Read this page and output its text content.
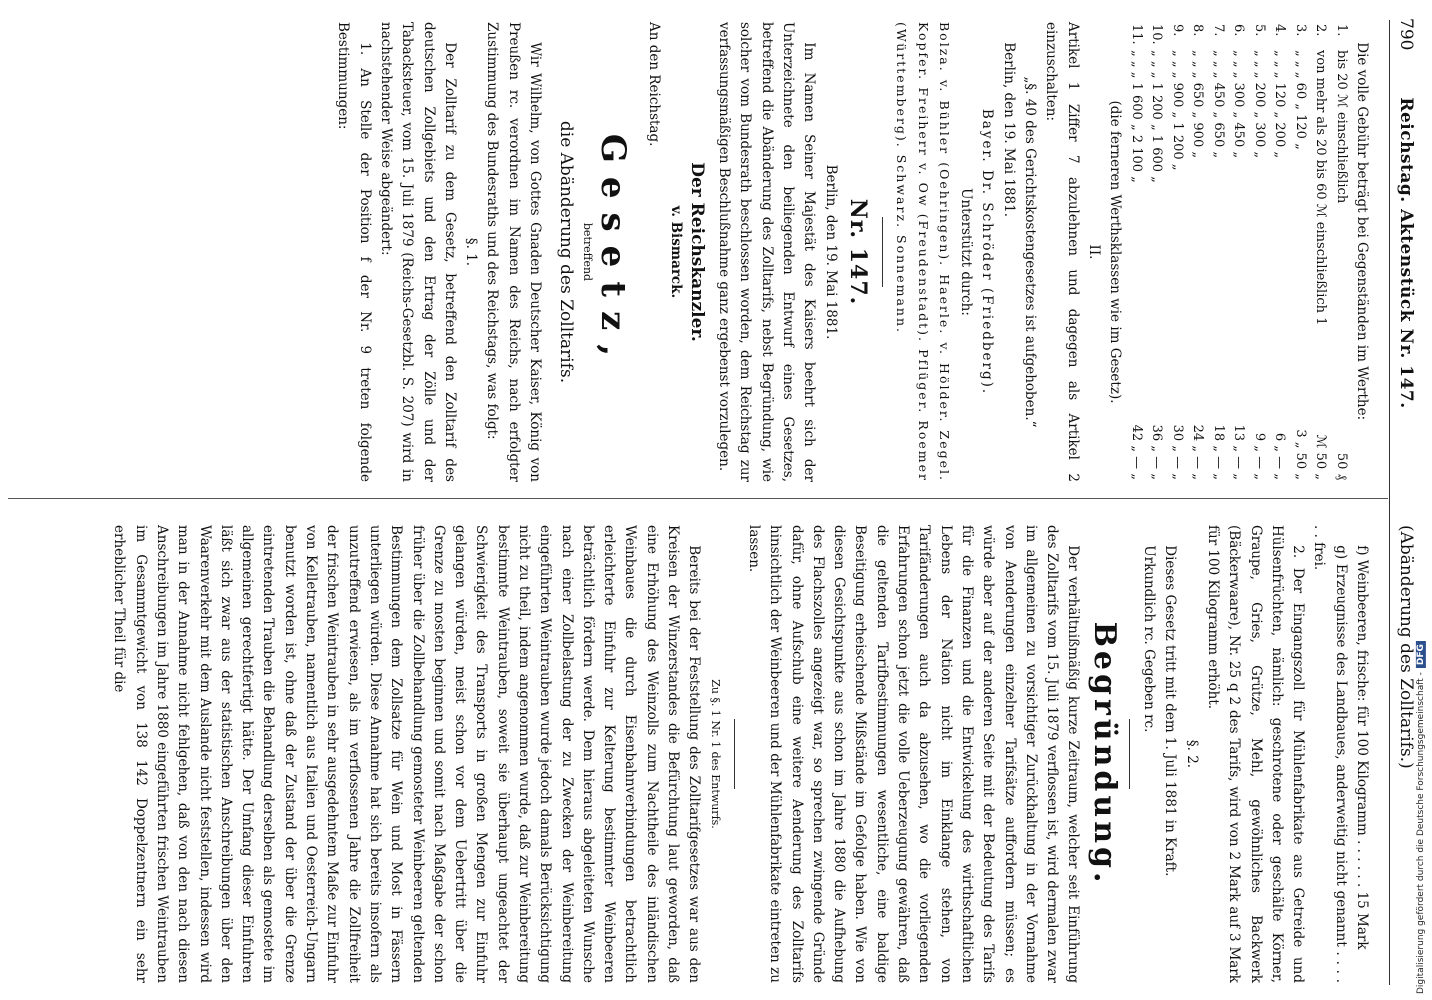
790
Reichstag. Aktenstück Nr. 147.
(Abänderung des Zolltarifs.)

Die volle Gebühr beträgt bei Gegenständen im Werthe:

1.	bis 20 ℳ einschließlich	50 ₰
2.	von mehr als 20 bis 60 ℳ einschließlich 1	ℳ 50 „
3.	„ „ „ 60 „ 120 „	3 „ 50 „
4.	„ „ „ 120 „ 200 „	6 „ — „
5.	„ „ „ 200 „ 300 „	9 „ — „
6.	„ „ „ 300 „ 450 „	13 „ — „
7.	„ „ „ 450 „ 650 „	18 „ — „
8.	„ „ „ 650 „ 900 „	24 „ — „
9.	„ „ „ 900 „ 1 200 „	30 „ — „
10.	„ „ „ 1 200 „ 1 600 „	36 „ — „
11.	„ „ „ 1 600 „ 2 100 „	42 „ — „

(die ferneren Werthsklassen wie im Gesetz).

II.

Artikel 1 Ziffer 7 abzulehnen und dagegen als Artikel 2 einzuschalten:

„§. 40 des Gerichtskostengesetzes ist aufgehoben.“

Berlin, den 19. Mai 1881.

Bayer. Dr. Schröder (Friedberg).

Unterstützt durch:

Bolza. v. Bühler (Oehringen). Haerle. v. Hölder. Zegel. Kopfer. Freiherr v. Ow (Freudenstadt). Pflüger. Roemer (Württemberg). Schwarz. Sonnemann.

Nr. 147.

Berlin, den 19. Mai 1881.

Im Namen Seiner Majestät des Kaisers beehrt sich der Unterzeichnete den beiliegenden Entwurf eines Gesetzes, betreffend die Abänderung des Zolltarifs, nebst Begründung, wie solcher vom Bundesrath beschlossen worden, dem Reichstag zur verfassungsmäßigen Beschlußnahme ganz ergebenst vorzulegen.

Der Reichskanzler.

v. Bismarck.

An den Reichstag.

Gesetz,

betreffend

die Abänderung des Zolltarifs.

Wir Wilhelm, von Gottes Gnaden Deutscher Kaiser, König von Preußen rc. verordnen im Namen des Reichs, nach erfolgter Zustimmung des Bundesraths und des Reichstags, was folgt:

§. 1.

Der Zolltarif zu dem Gesetz, betreffend den Zolltarif des deutschen Zollgebiets und den Ertrag der Zölle und der Tabacksteuer, vom 15. Juli 1879 (Reichs-Gesetzbl. S. 207) wird in nachstehender Weise abgeändert:

1. An Stelle der Position f der Nr. 9 treten folgende Bestimmungen:

f) Weinbeeren, frische: für 100 Kilogramm . . . . . . 15 Mark

g) Erzeugnisse des Landbaues, anderweitig nicht genannt . . . . . . frei.

2. Der Eingangszoll für Mühlenfabrikate aus Getreide und Hülsenfrüchten, nämlich: geschrotene oder geschälte Körner, Graupe, Gries, Grütze, Mehl, gewöhnliches Backwerk (Bäckerwaare), Nr. 25 q 2 des Tarifs, wird von 2 Mark auf 3 Mark für 100 Kilogramm erhöht.

§. 2.

Dieses Gesetz tritt mit dem 1. Juli 1881 in Kraft.

Urkundlich rc. Gegeben rc.

Begründung.

Der verhältnißmäßig kurze Zeitraum, welcher seit Einführung des Zolltarifs vom 15. Juli 1879 verflossen ist, wird dermalen zwar im allgemeinen zu vorsichtiger Zurückhaltung in der Vornahme von Aenderungen einzelner Tarifsätze auffordern müssen; es würde aber auf der anderen Seite mit der Bedeutung des Tarifs für die Finanzen und die Entwickelung des wirthschaftlichen Lebens der Nation nicht im Einklange stehen, von Tarifänderungen auch da abzusehen, wo die vorliegenden Erfahrungen schon jetzt die volle Ueberzeugung gewähren, daß die geltenden Tarifbestimmungen wesentliche, eine baldige Beseitigung erheischende Mißstände im Gefolge haben. Wie von diesen Gesichtspunkte aus schon im Jahre 1880 die Aufhebung des Flachszolles angezeigt war, so sprechen zwingende Gründe dafür, ohne Aufschub eine weitere Aenderung des Zolltarifs hinsichtlich der Weinbeeren und der Mühlenfabrikate eintreten zu lassen.

Zu §. 1 Nr. 1 des Entwurfs.

Bereits bei der Feststellung des Zolltarifgesetzes war aus den Kreisen der Winzerstandes die Befürchtung laut geworden, daß eine Erhöhung des Weinzolls zum Nachtheile des inländischen Weinbaues die durch Eisenbahnverbindungen betrachtlich erleichterte Einfuhr zur Kelterung bestimmter Weinbeeren beträchtlich fördern werde. Dem hieraus abgeleiteten Wunsche nach einer Zollbelastung der zu Zwecken der Weinbereitung eingeführten Weintrauben wurde jedoch damals Berücksichtigung nicht zu theil, indem angenommen wurde, daß zur Weinbereitung bestimmte Weintrauben, soweit sie überhaupt ungeachtet der Schwierigkeit des Transports in großen Mengen zur Einfuhr gelangen würden, meist schon vor dem Uebertritt über die Grenze zu mosten beginnen und somit nach Maßgabe der schon früher über die Zollbehandlung gemosteter Weinbeeren geltenden Bestimmungen dem Zollsatze für Wein und Most in Fässern unterliegen würden. Diese Annahme hat sich bereits insofern als unzutreffend erwiesen, als im verflossenen Jahre die Zollfreiheit der frischen Weintrauben in sehr ausgedehntem Maße zur Einfuhr von Kelletrauben, namentlich aus Italien und Oesterreich-Ungarn benutzt worden ist, ohne daß der Zustand der über die Grenze eintretenden Trauben die Behandlung derselben als gemostete im allgemeinen gerechtfertigt hätte. Der Umfang dieser Einfuhren läßt sich zwar aus der statistischen Anschreibungen über den Waarenverkehr mit dem Auslande nicht feststellen, indessen wird man in der Annahme nicht fehlgehen, daß von den nach diesen Anschreibungen im Jahre 1880 eingeführten frischen Weintrauben im Gesammtgewicht von 138 142 Doppelzentnern ein sehr erheblicher Theil für die

Digitalisierung gefördert durch die Deutsche Forschungsgemeinschaft -DFG
